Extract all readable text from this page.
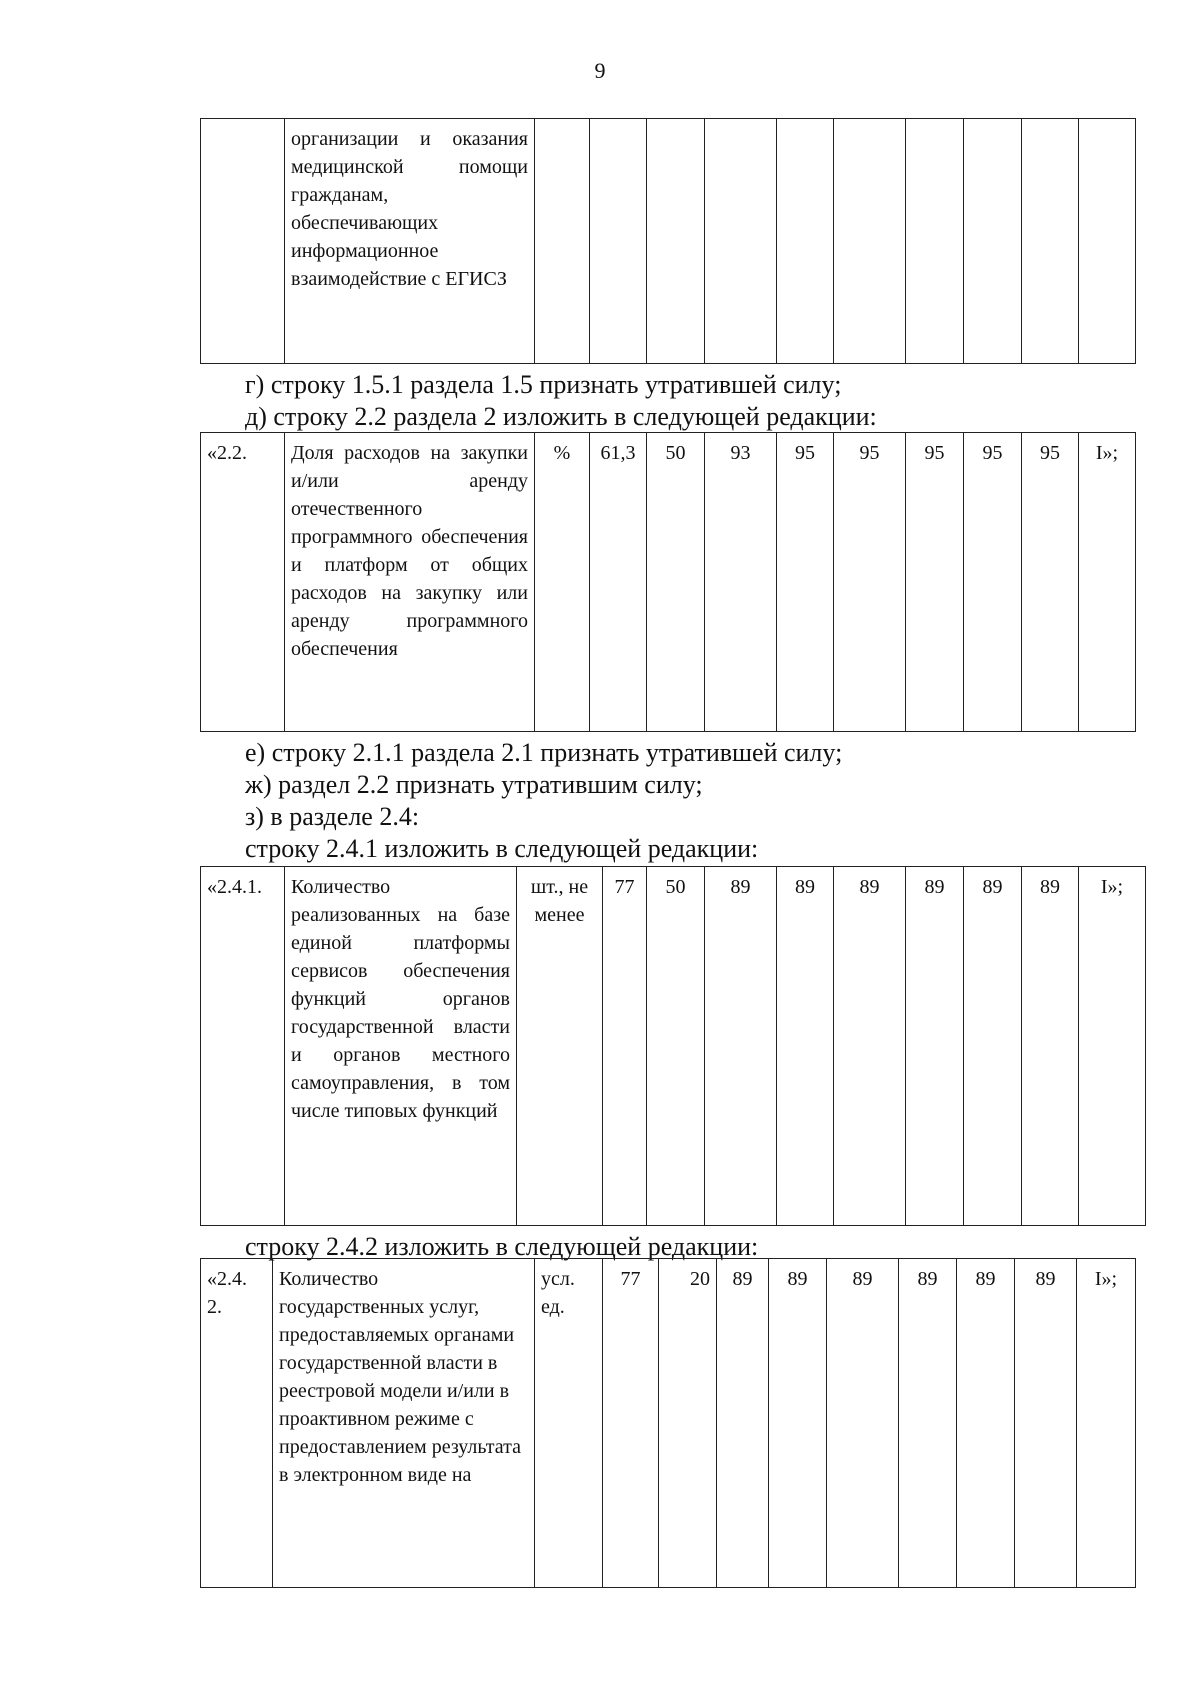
9
	организации и оказания медицинской помощи гражданам, обеспечивающих информационное взаимодействие с ЕГИСЗ										
г) строку 1.5.1 раздела 1.5 признать утратившей силу;
д) строку 2.2 раздела 2 изложить в следующей редакции:
«2.2.	Доля расходов на закупки и/или аренду отечественного программного обеспечения и платформ от общих расходов на закупку или аренду программного обеспечения	%	61,3	50	93	95	95	95	95	95	I»;
е) строку 2.1.1 раздела 2.1 признать утратившей силу;
ж) раздел 2.2 признать утратившим силу;
з) в разделе 2.4:
строку 2.4.1 изложить в следующей редакции:
«2.4.1.	Количество реализованных на базе единой платформы сервисов обеспечения функций органов государственной власти и органов местного самоуправления, в том числе типовых функций	шт., не менее	77	50	89	89	89	89	89	89	I»;
строку 2.4.2 изложить в следующей редакции:
«2.4. 2.	Количество государственных услуг, предоставляемых органами государственной власти в реестровой модели и/или в проактивном режиме с предоставлением результата в электронном виде на	усл. ед.	77	20	89	89	89	89	89	89	I»;
